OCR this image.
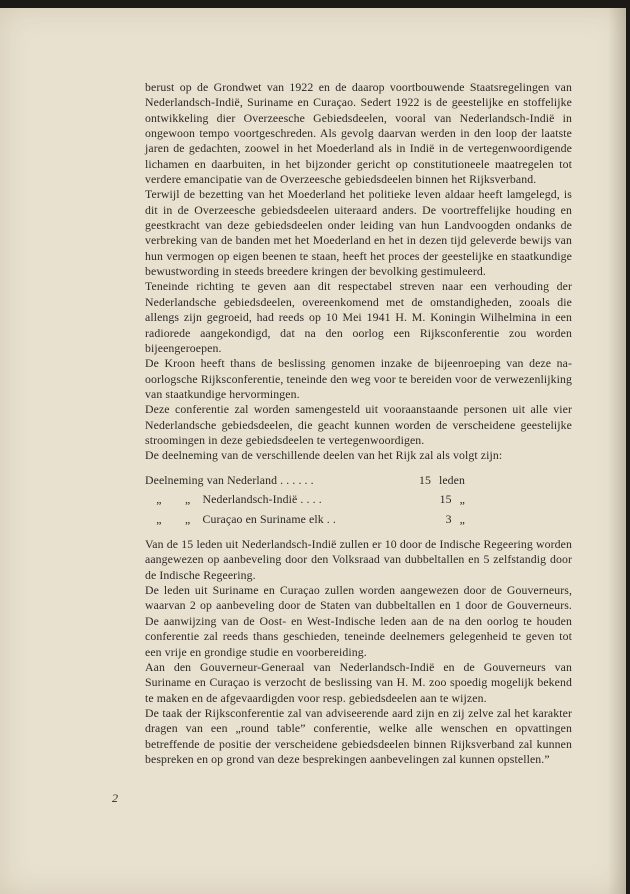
berust op de Grondwet van 1922 en de daarop voortbouwende Staatsregelingen van Nederlandsch-Indië, Suriname en Curaçao. Sedert 1922 is de geestelijke en stoffelijke ontwikkeling dier Overzeesche Gebiedsdeelen, vooral van Nederlandsch-Indië in ongewoon tempo voortgeschreden. Als gevolg daarvan werden in den loop der laatste jaren de gedachten, zoowel in het Moederland als in Indië in de vertegenwoordigende lichamen en daarbuiten, in het bijzonder gericht op constitutioneele maatregelen tot verdere emancipatie van de Overzeesche gebiedsdeelen binnen het Rijksverband.

Terwijl de bezetting van het Moederland het politieke leven aldaar heeft lamgelegd, is dit in de Overzeesche gebiedsdeelen uiteraard anders. De voortreffelijke houding en geestkracht van deze gebiedsdeelen onder leiding van hun Landvoogden ondanks de verbreking van de banden met het Moederland en het in dezen tijd geleverde bewijs van hun vermogen op eigen beenen te staan, heeft het proces der geestelijke en staatkundige bewustwording in steeds breedere kringen der bevolking gestimuleerd.

Teneinde richting te geven aan dit respectabel streven naar een verhouding der Nederlandsche gebiedsdeelen, overeenkomend met de omstandigheden, zooals die allengs zijn gegroeid, had reeds op 10 Mei 1941 H. M. Koningin Wilhelmina in een radiorede aangekondigd, dat na den oorlog een Rijksconferentie zou worden bijeengeroepen.

De Kroon heeft thans de beslissing genomen inzake de bijeenroeping van deze na-oorlogsche Rijksconferentie, teneinde den weg voor te bereiden voor de verwezenlijking van staatkundige hervormingen.

Deze conferentie zal worden samengesteld uit vooraanstaande personen uit alle vier Nederlandsche gebiedsdeelen, die geacht kunnen worden de verscheidene geestelijke stroomingen in deze gebiedsdeelen te vertegenwoordigen.

De deelneming van de verschillende deelen van het Rijk zal als volgt zijn:

Deelneming van Nederland . . . . . .	15 leden
„	„	Nederlandsch-Indië . . . .	15 „
„	„	Curaçao en Suriname elk . .	3 „

Van de 15 leden uit Nederlandsch-Indië zullen er 10 door de Indische Regeering worden aangewezen op aanbeveling door den Volksraad van dubbeltallen en 5 zelfstandig door de Indische Regeering.

De leden uit Suriname en Curaçao zullen worden aangewezen door de Gouverneurs, waarvan 2 op aanbeveling door de Staten van dubbeltallen en 1 door de Gouverneurs. De aanwijzing van de Oost- en West-Indische leden aan de na den oorlog te houden conferentie zal reeds thans geschieden, teneinde deelnemers gelegenheid te geven tot een vrije en grondige studie en voorbereiding.

Aan den Gouverneur-Generaal van Nederlandsch-Indië en de Gouverneurs van Suriname en Curaçao is verzocht de beslissing van H. M. zoo spoedig mogelijk bekend te maken en de afgevaardigden voor resp. gebiedsdeelen aan te wijzen.

De taak der Rijksconferentie zal van adviseerende aard zijn en zij zelve zal het karakter dragen van een „round table” conferentie, welke alle wenschen en opvattingen betreffende de positie der verscheidene gebiedsdeelen binnen Rijksverband zal kunnen bespreken en op grond van deze besprekingen aanbevelingen zal kunnen opstellen.”

2
